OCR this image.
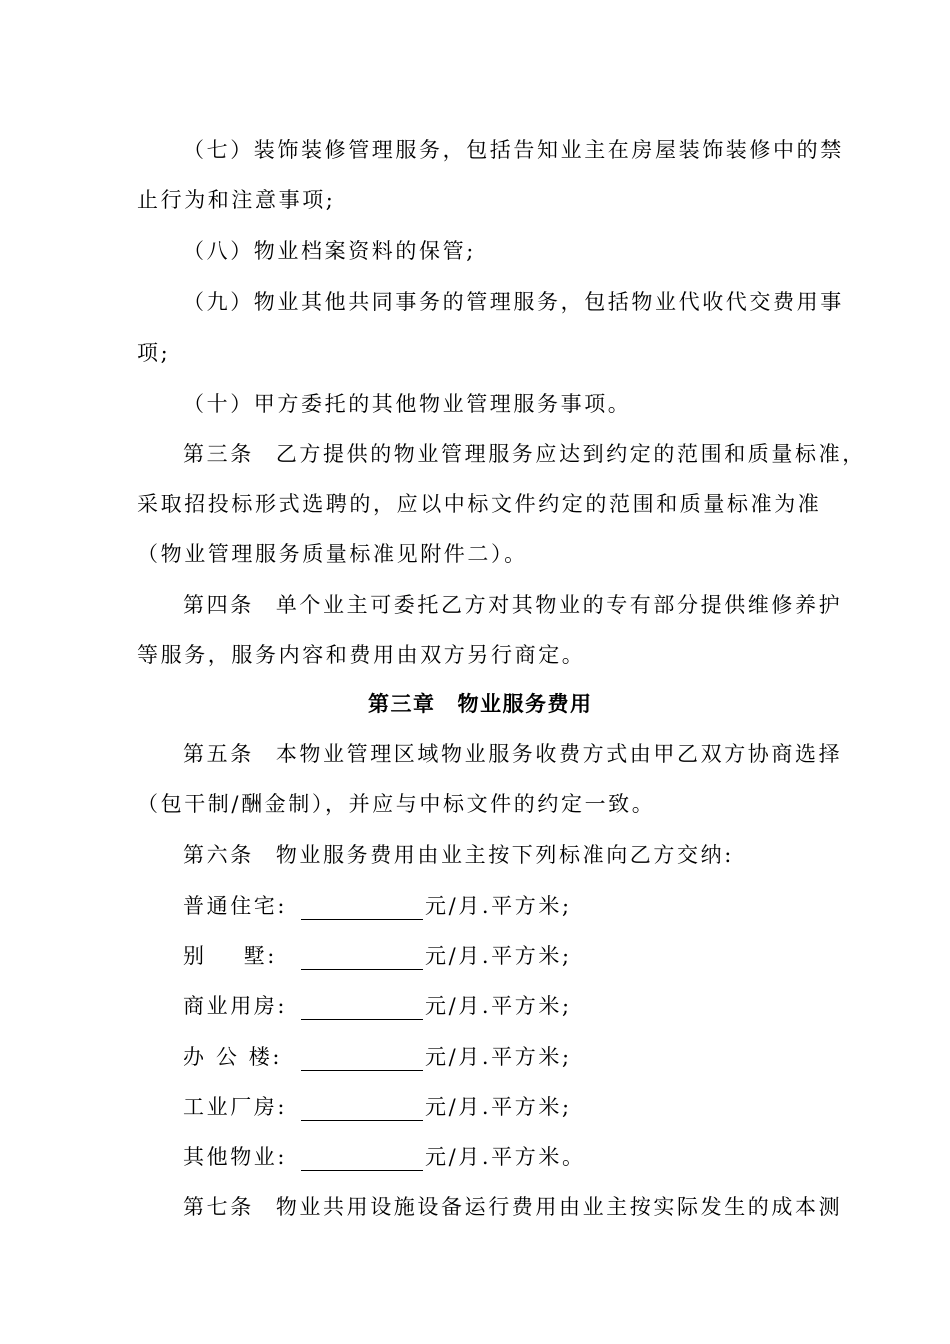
（七）装饰装修管理服务，包括告知业主在房屋装饰装修中的禁
止行为和注意事项;
（八）物业档案资料的保管;
（九）物业其他共同事务的管理服务，包括物业代收代交费用事
项;
（十）甲方委托的其他物业管理服务事项。
第三条 乙方提供的物业管理服务应达到约定的范围和质量标准，
采取招投标形式选聘的，应以中标文件约定的范围和质量标准为准
（物业管理服务质量标准见附件二）。
第四条 单个业主可委托乙方对其物业的专有部分提供维修养护
等服务，服务内容和费用由双方另行商定。
第三章 物业服务费用
第五条 本物业管理区域物业服务收费方式由甲乙双方协商选择
（包干制/酬金制），并应与中标文件的约定一致。
第六条 物业服务费用由业主按下列标准向乙方交纳:
普通住宅:	元/月.平方米;
别    墅:	元/月.平方米;
商业用房:	元/月.平方米;
办 公 楼:	元/月.平方米;
工业厂房:	元/月.平方米;
其他物业:	元/月.平方米。
第七条 物业共用设施设备运行费用由业主按实际发生的成本测
